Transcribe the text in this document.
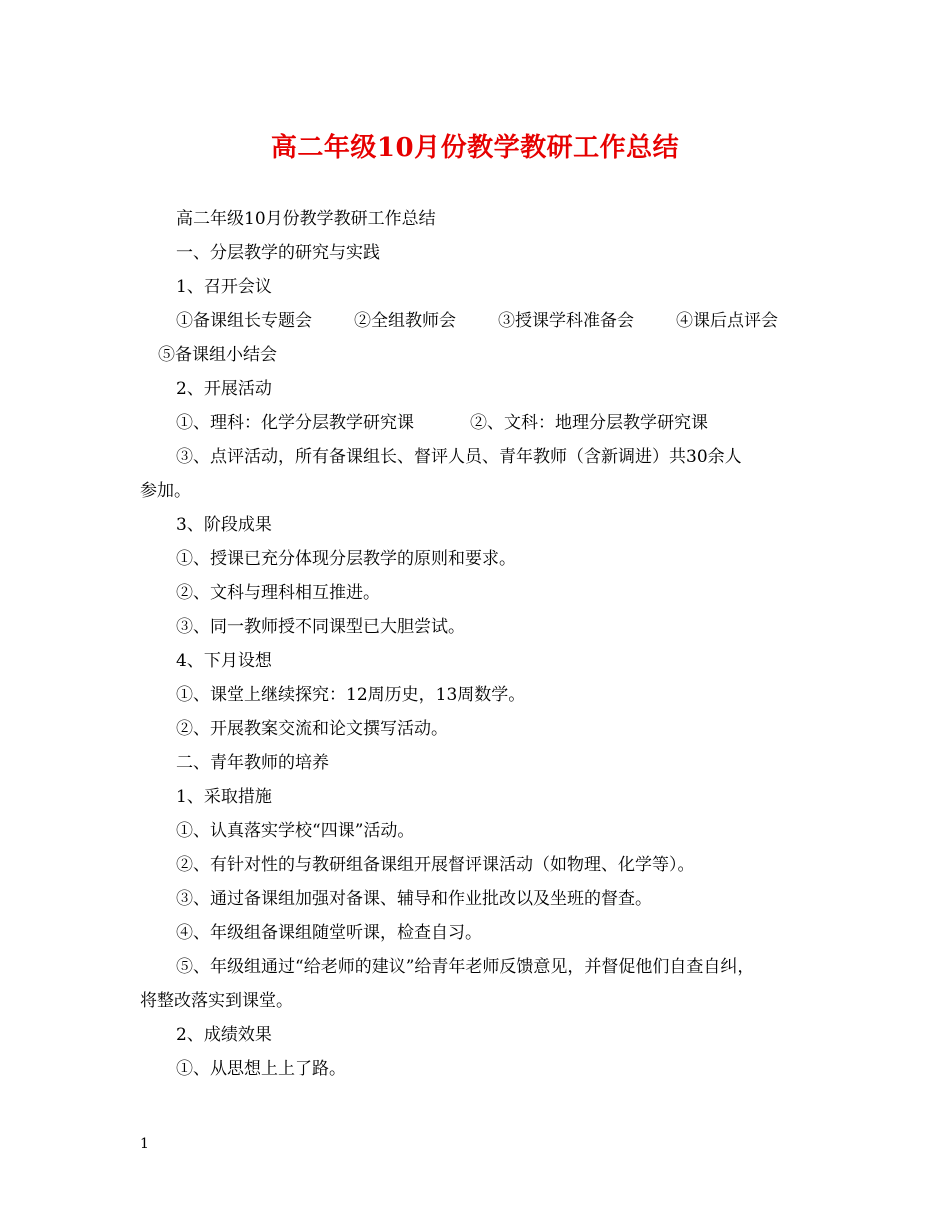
高二年级10月份教学教研工作总结
高二年级10月份教学教研工作总结
一、分层教学的研究与实践
1、召开会议
①备课组长专题会 ②全组教师会 ③授课学科准备会 ④课后点评会
⑤备课组小结会
2、开展活动
①、理科：化学分层教学研究课	②、文科：地理分层教学研究课
③、点评活动，所有备课组长、督评人员、青年教师（含新调进）共30余人
参加。
3、阶段成果
①、授课已充分体现分层教学的原则和要求。
②、文科与理科相互推进。
③、同一教师授不同课型已大胆尝试。
4、下月设想
①、课堂上继续探究：12周历史，13周数学。
②、开展教案交流和论文撰写活动。
二、青年教师的培养
1、采取措施
①、认真落实学校“四课”活动。
②、有针对性的与教研组备课组开展督评课活动（如物理、化学等）。
③、通过备课组加强对备课、辅导和作业批改以及坐班的督查。
④、年级组备课组随堂听课，检查自习。
⑤、年级组通过“给老师的建议”给青年老师反馈意见，并督促他们自查自纠，
将整改落实到课堂。
2、成绩效果
①、从思想上上了路。
1
